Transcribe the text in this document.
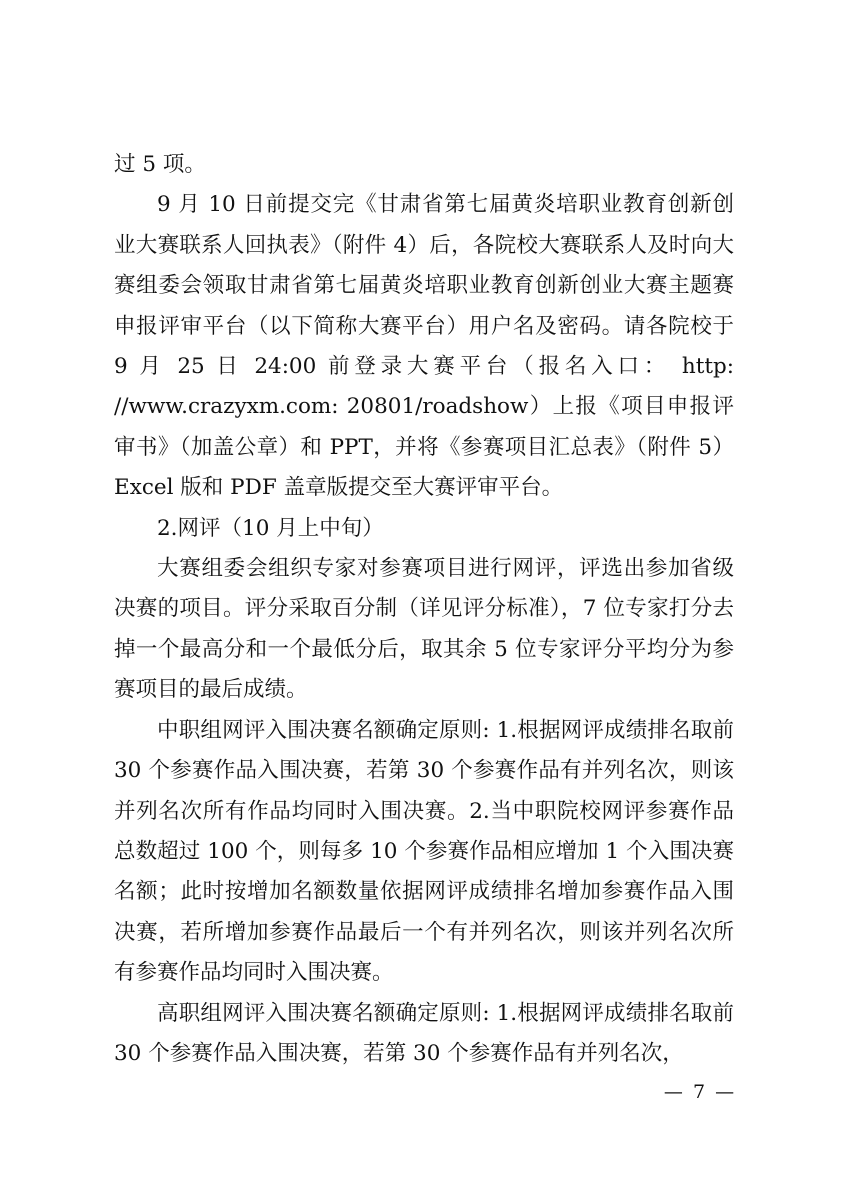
过 5 项。

9 月 10 日前提交完《甘肃省第七届黄炎培职业教育创新创业大赛联系人回执表》（附件 4）后，各院校大赛联系人及时向大赛组委会领取甘肃省第七届黄炎培职业教育创新创业大赛主题赛申报评审平台（以下简称大赛平台）用户名及密码。请各院校于 9 月 25 日 24:00 前登录大赛平台（报名入口： http: //www.crazyxm.com: 20801/roadshow）上报《项目申报评审书》（加盖公章）和 PPT，并将《参赛项目汇总表》（附件 5）Excel 版和 PDF 盖章版提交至大赛评审平台。

2.网评（10 月上中旬）

大赛组委会组织专家对参赛项目进行网评，评选出参加省级决赛的项目。评分采取百分制（详见评分标准），7 位专家打分去掉一个最高分和一个最低分后，取其余 5 位专家评分平均分为参赛项目的最后成绩。

中职组网评入围决赛名额确定原则: 1.根据网评成绩排名取前 30 个参赛作品入围决赛，若第 30 个参赛作品有并列名次，则该并列名次所有作品均同时入围决赛。2.当中职院校网评参赛作品总数超过 100 个，则每多 10 个参赛作品相应增加 1 个入围决赛名额；此时按增加名额数量依据网评成绩排名增加参赛作品入围决赛，若所增加参赛作品最后一个有并列名次，则该并列名次所有参赛作品均同时入围决赛。

高职组网评入围决赛名额确定原则: 1.根据网评成绩排名取前 30 个参赛作品入围决赛，若第 30 个参赛作品有并列名次，

— 7 —
